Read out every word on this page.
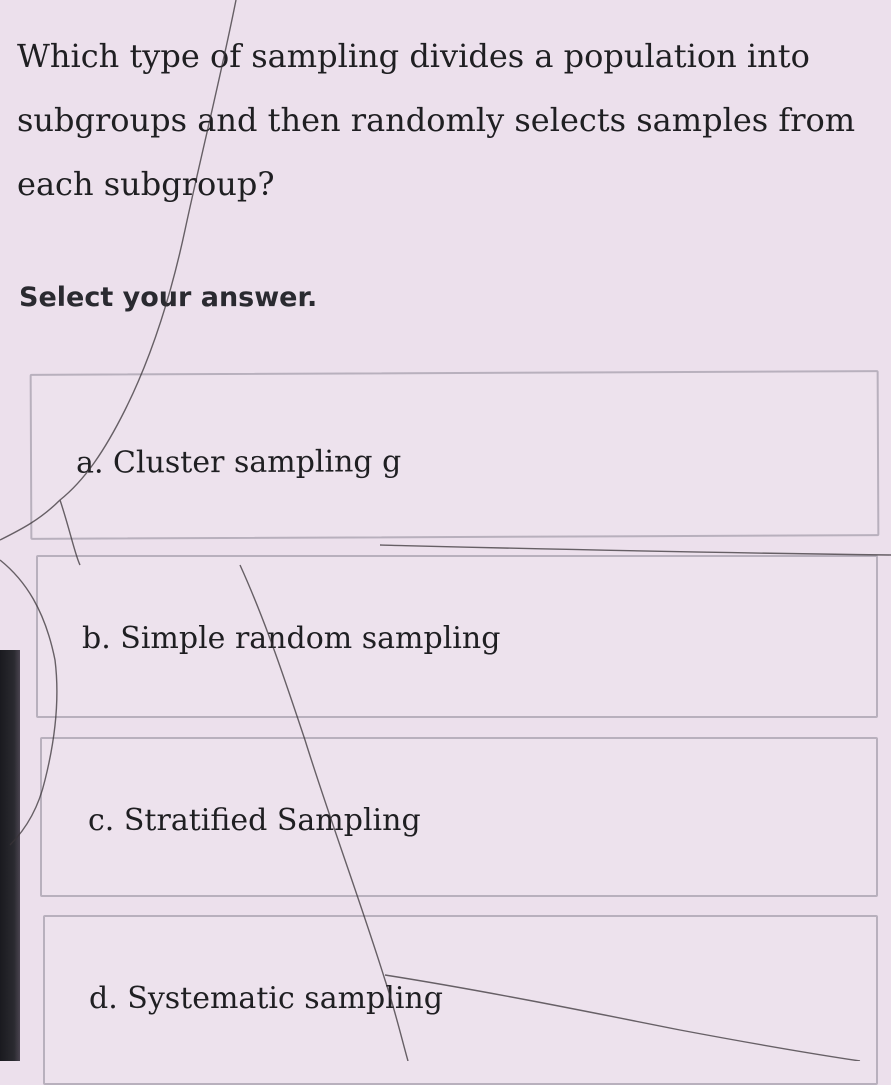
Which type of sampling divides a population into subgroups and then randomly selects samples from each subgroup?

Select your answer.

a. Cluster sampling g
b. Simple random sampling
c. Stratified Sampling
d. Systematic sampling
